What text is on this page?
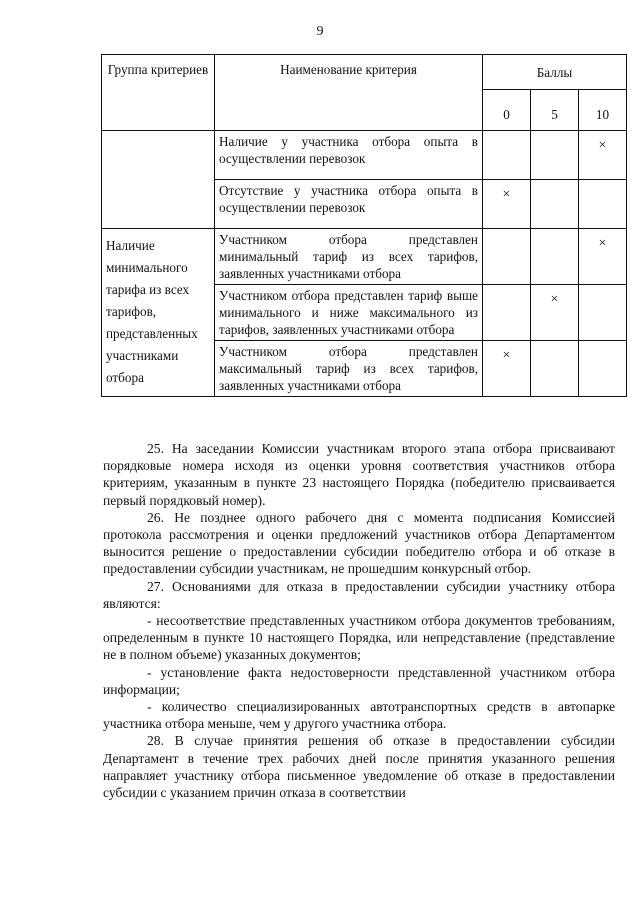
9
Группа критериев	Наименование критерия	Баллы		
		0	5	10
	Наличие у участника отбора опыта в осуществлении перевозок			×
	Отсутствие у участника отбора опыта в осуществлении перевозок	×		
Наличие минимального тарифа из всех тарифов, представленных участниками отбора	Участником отбора представлен минимальный тариф из всех тарифов, заявленных участниками отбора			×
	Участником отбора представлен тариф выше минимального и ниже максимального из тарифов, заявленных участниками отбора		×	
	Участником отбора представлен максимальный тариф из всех тарифов, заявленных участниками отбора	×		

25. На заседании Комиссии участникам второго этапа отбора присваивают порядковые номера исходя из оценки уровня соответствия участников отбора критериям, указанным в пункте 23 настоящего Порядка (победителю присваивается первый порядковый номер).

26. Не позднее одного рабочего дня с момента подписания Комиссией протокола рассмотрения и оценки предложений участников отбора Департаментом выносится решение о предоставлении субсидии победителю отбора и об отказе в предоставлении субсидии участникам, не прошедшим конкурсный отбор.

27. Основаниями для отказа в предоставлении субсидии участнику отбора являются:

- несоответствие представленных участником отбора документов требованиям, определенным в пункте 10 настоящего Порядка, или непредставление (представление не в полном объеме) указанных документов;

- установление факта недостоверности представленной участником отбора информации;

- количество специализированных автотранспортных средств в автопарке участника отбора меньше, чем у другого участника отбора.

28. В случае принятия решения об отказе в предоставлении субсидии Департамент в течение трех рабочих дней после принятия указанного решения направляет участнику отбора письменное уведомление об отказе в предоставлении субсидии с указанием причин отказа в соответствии
